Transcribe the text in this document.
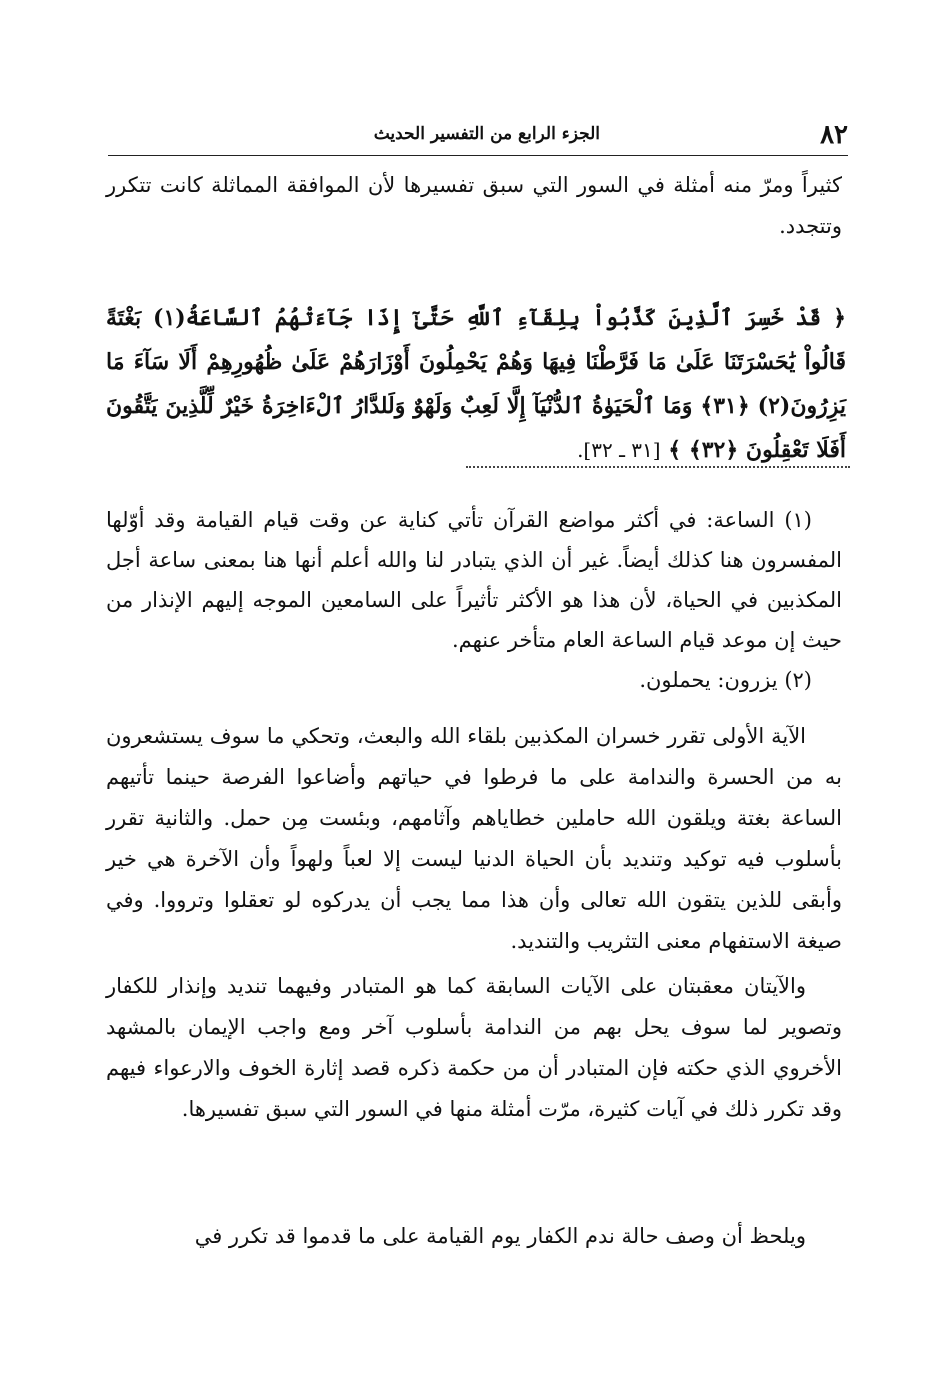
٨٢
الجزء الرابع من التفسير الحديث

كثيراً ومرّ منه أمثلة في السور التي سبق تفسيرها لأن الموافقة المماثلة كانت تتكرر وتتجدد.

﴿ قَدْ خَسِرَ ٱلَّذِينَ كَذَّبُواْ بِلِقَآءِ ٱللَّهِ حَتَّىٰٓ إِذَا جَآءَتْهُمُ ٱلسَّاعَةُ(١) بَغْتَةً قَالُواْ يَٰحَسْرَتَنَا عَلَىٰ مَا فَرَّطْنَا فِيهَا وَهُمْ يَحْمِلُونَ أَوْزَارَهُمْ عَلَىٰ ظُهُورِهِمْ أَلَا سَآءَ مَا يَزِرُونَ(٢) ﴿٣١﴾ وَمَا ٱلْحَيَوٰةُ ٱلدُّنْيَآ إِلَّا لَعِبٌ وَلَهْوٌ وَلَلدَّارُ ٱلْءَاخِرَةُ خَيْرٌ لِّلَّذِينَ يَتَّقُونَ أَفَلَا تَعْقِلُونَ ﴿٣٢﴾ ﴾ [٣١ ـ ٣٢].

(١) الساعة: في أكثر مواضع القرآن تأتي كناية عن وقت قيام القيامة وقد أوّلها المفسرون هنا كذلك أيضاً. غير أن الذي يتبادر لنا والله أعلم أنها هنا بمعنى ساعة أجل المكذبين في الحياة، لأن هذا هو الأكثر تأثيراً على السامعين الموجه إليهم الإنذار من حيث إن موعد قيام الساعة العام متأخر عنهم.

(٢) يزرون: يحملون.

الآية الأولى تقرر خسران المكذبين بلقاء الله والبعث، وتحكي ما سوف يستشعرون به من الحسرة والندامة على ما فرطوا في حياتهم وأضاعوا الفرصة حينما تأتيهم الساعة بغتة ويلقون الله حاملين خطاياهم وآثامهم، وبئست مِن حمل. والثانية تقرر بأسلوب فيه توكيد وتنديد بأن الحياة الدنيا ليست إلا لعباً ولهواً وأن الآخرة هي خير وأبقى للذين يتقون الله تعالى وأن هذا مما يجب أن يدركوه لو تعقلوا وترووا. وفي صيغة الاستفهام معنى التثريب والتنديد.

والآيتان معقبتان على الآيات السابقة كما هو المتبادر وفيهما تنديد وإنذار للكفار وتصوير لما سوف يحل بهم من الندامة بأسلوب آخر ومع واجب الإيمان بالمشهد الأخروي الذي حكته فإن المتبادر أن من حكمة ذكره قصد إثارة الخوف والارعواء فيهم وقد تكرر ذلك في آيات كثيرة، مرّت أمثلة منها في السور التي سبق تفسيرها.

ويلحظ أن وصف حالة ندم الكفار يوم القيامة على ما قدموا قد تكرر في
